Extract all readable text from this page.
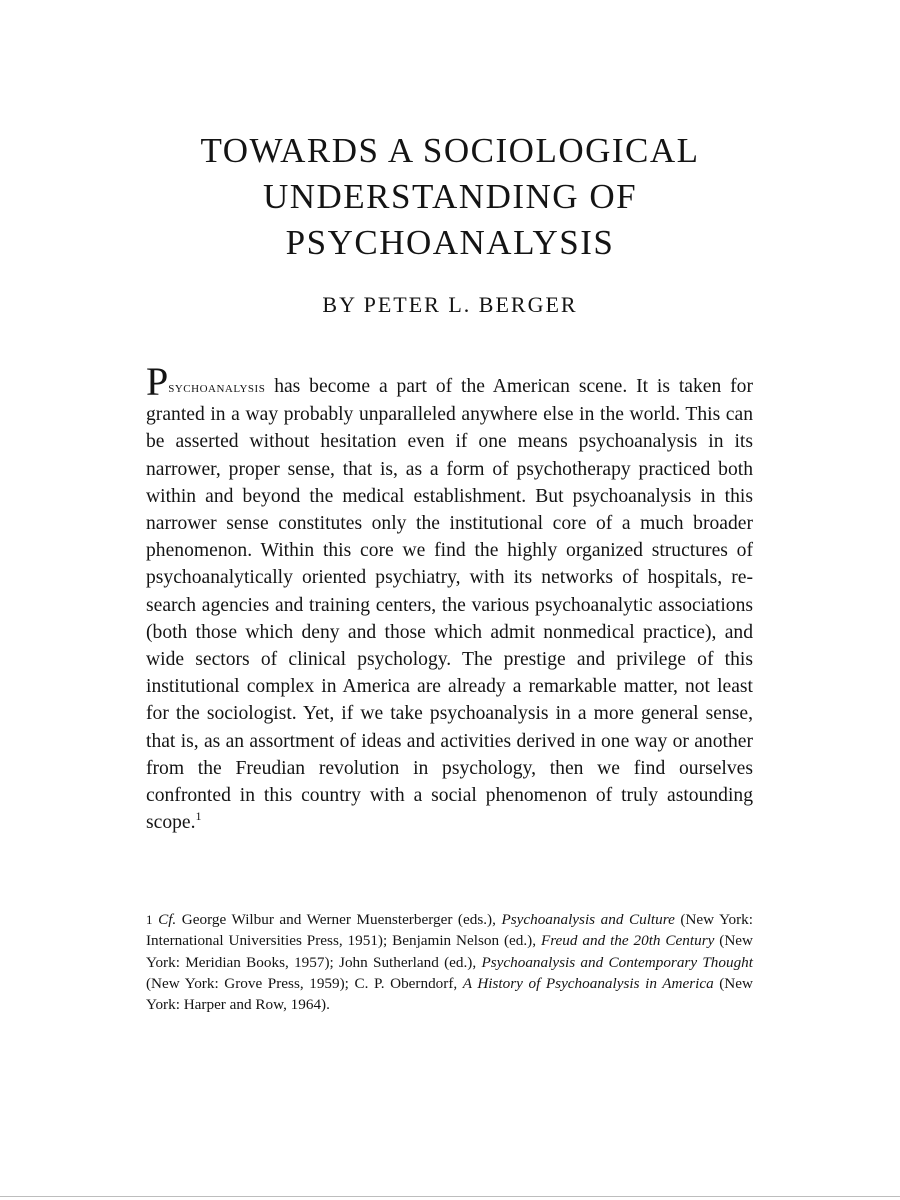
TOWARDS A SOCIOLOGICAL
UNDERSTANDING OF
PSYCHOANALYSIS

BY PETER L. BERGER

Psychoanalysis has become a part of the American scene. It is taken for granted in a way probably unparalleled anywhere else in the world. This can be asserted without hesitation even if one means psychoanalysis in its narrower, proper sense, that is, as a form of psychotherapy practiced both within and beyond the medical establishment. But psychoanalysis in this narrower sense constitutes only the institutional core of a much broader phenomenon. Within this core we find the highly organized structures of psychoanalytically oriented psychiatry, with its networks of hospitals, research agencies and training centers, the various psychoanalytic associations (both those which deny and those which admit nonmedical practice), and wide sectors of clinical psychology. The prestige and privilege of this institutional complex in America are already a remarkable matter, not least for the sociologist. Yet, if we take psychoanalysis in a more general sense, that is, as an assortment of ideas and activities derived in one way or another from the Freudian revolution in psychology, then we find ourselves confronted in this country with a social phenomenon of truly astounding scope.$^1$

1 Cf. George Wilbur and Werner Muensterberger (eds.), Psychoanalysis and Culture (New York: International Universities Press, 1951); Benjamin Nelson (ed.), Freud and the 20th Century (New York: Meridian Books, 1957); John Sutherland (ed.), Psychoanalysis and Contemporary Thought (New York: Grove Press, 1959); C. P. Oberndorf, A History of Psychoanalysis in America (New York: Harper and Row, 1964).
